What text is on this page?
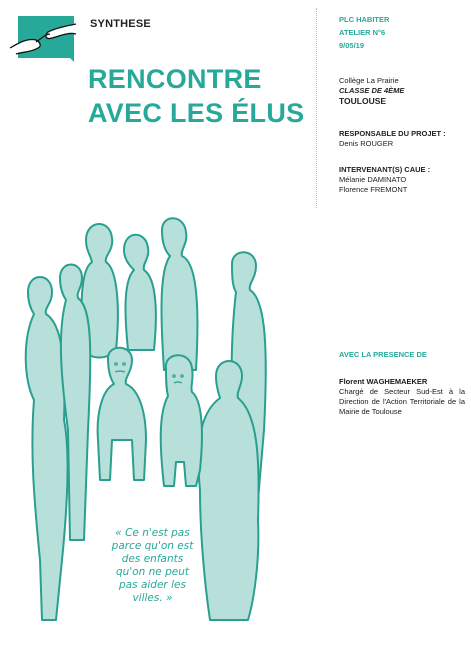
SYNTHESE
RENCONTRE
AVEC LES ÉLUS
PLC HABITER
ATELIER N°6
9/05/19
Collège La Prairie
CLASSE DE 4ÈME
TOULOUSE
RESPONSABLE DU PROJET :
Denis ROUGER
INTERVENANT(S) CAUE :
Mélanie DAMINATO
Florence FREMONT
AVEC LA PRESENCE DE
Florent WAGHEMAEKER
Chargé de Secteur Sud-Est à la Direction de l'Action Territoriale de la Mairie de Toulouse
« Ce n'est pas
parce qu'on est
des enfants
qu'on ne peut
pas aider les
villes. »
